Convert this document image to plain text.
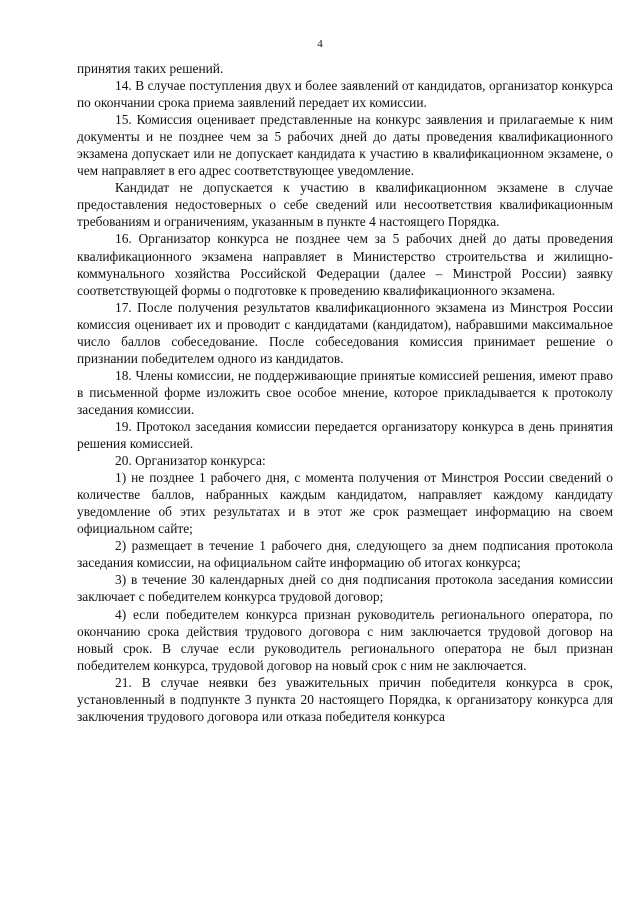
4

принятия таких решений.

14. В случае поступления двух и более заявлений от кандидатов, организатор конкурса по окончании срока приема заявлений передает их комиссии.

15. Комиссия оценивает представленные на конкурс заявления и прилагаемые к ним документы и не позднее чем за 5 рабочих дней до даты проведения квалификационного экзамена допускает или не допускает кандидата к участию в квалификационном экзамене, о чем направляет в его адрес соответствующее уведомление.

Кандидат не допускается к участию в квалификационном экзамене в случае предоставления недостоверных о себе сведений или несоответствия квалификационным требованиям и ограничениям, указанным в пункте 4 настоящего Порядка.

16. Организатор конкурса не позднее чем за 5 рабочих дней до даты проведения квалификационного экзамена направляет в Министерство строительства и жилищно-коммунального хозяйства Российской Федерации (далее – Минстрой России) заявку соответствующей формы о подготовке к проведению квалификационного экзамена.

17. После получения результатов квалификационного экзамена из Минстроя России комиссия оценивает их и проводит с кандидатами (кандидатом), набравшими максимальное число баллов собеседование. После собеседования комиссия принимает решение о признании победителем одного из кандидатов.

18. Члены комиссии, не поддерживающие принятые комиссией решения, имеют право в письменной форме изложить свое особое мнение, которое прикладывается к протоколу заседания комиссии.

19. Протокол заседания комиссии передается организатору конкурса в день принятия решения комиссией.

20. Организатор конкурса:

1) не позднее 1 рабочего дня, с момента получения от Минстроя России сведений о количестве баллов, набранных каждым кандидатом, направляет каждому кандидату уведомление об этих результатах и в этот же срок размещает информацию на своем официальном сайте;

2) размещает в течение 1 рабочего дня, следующего за днем подписания протокола заседания комиссии, на официальном сайте информацию об итогах конкурса;

3) в течение 30 календарных дней со дня подписания протокола заседания комиссии заключает с победителем конкурса трудовой договор;

4) если победителем конкурса признан руководитель регионального оператора, по окончанию срока действия трудового договора с ним заключается трудовой договор на новый срок. В случае если руководитель регионального оператора не был признан победителем конкурса, трудовой договор на новый срок с ним не заключается.

21. В случае неявки без уважительных причин победителя конкурса в срок, установленный в подпункте 3 пункта 20 настоящего Порядка, к организатору конкурса для заключения трудового договора или отказа победителя конкурса
